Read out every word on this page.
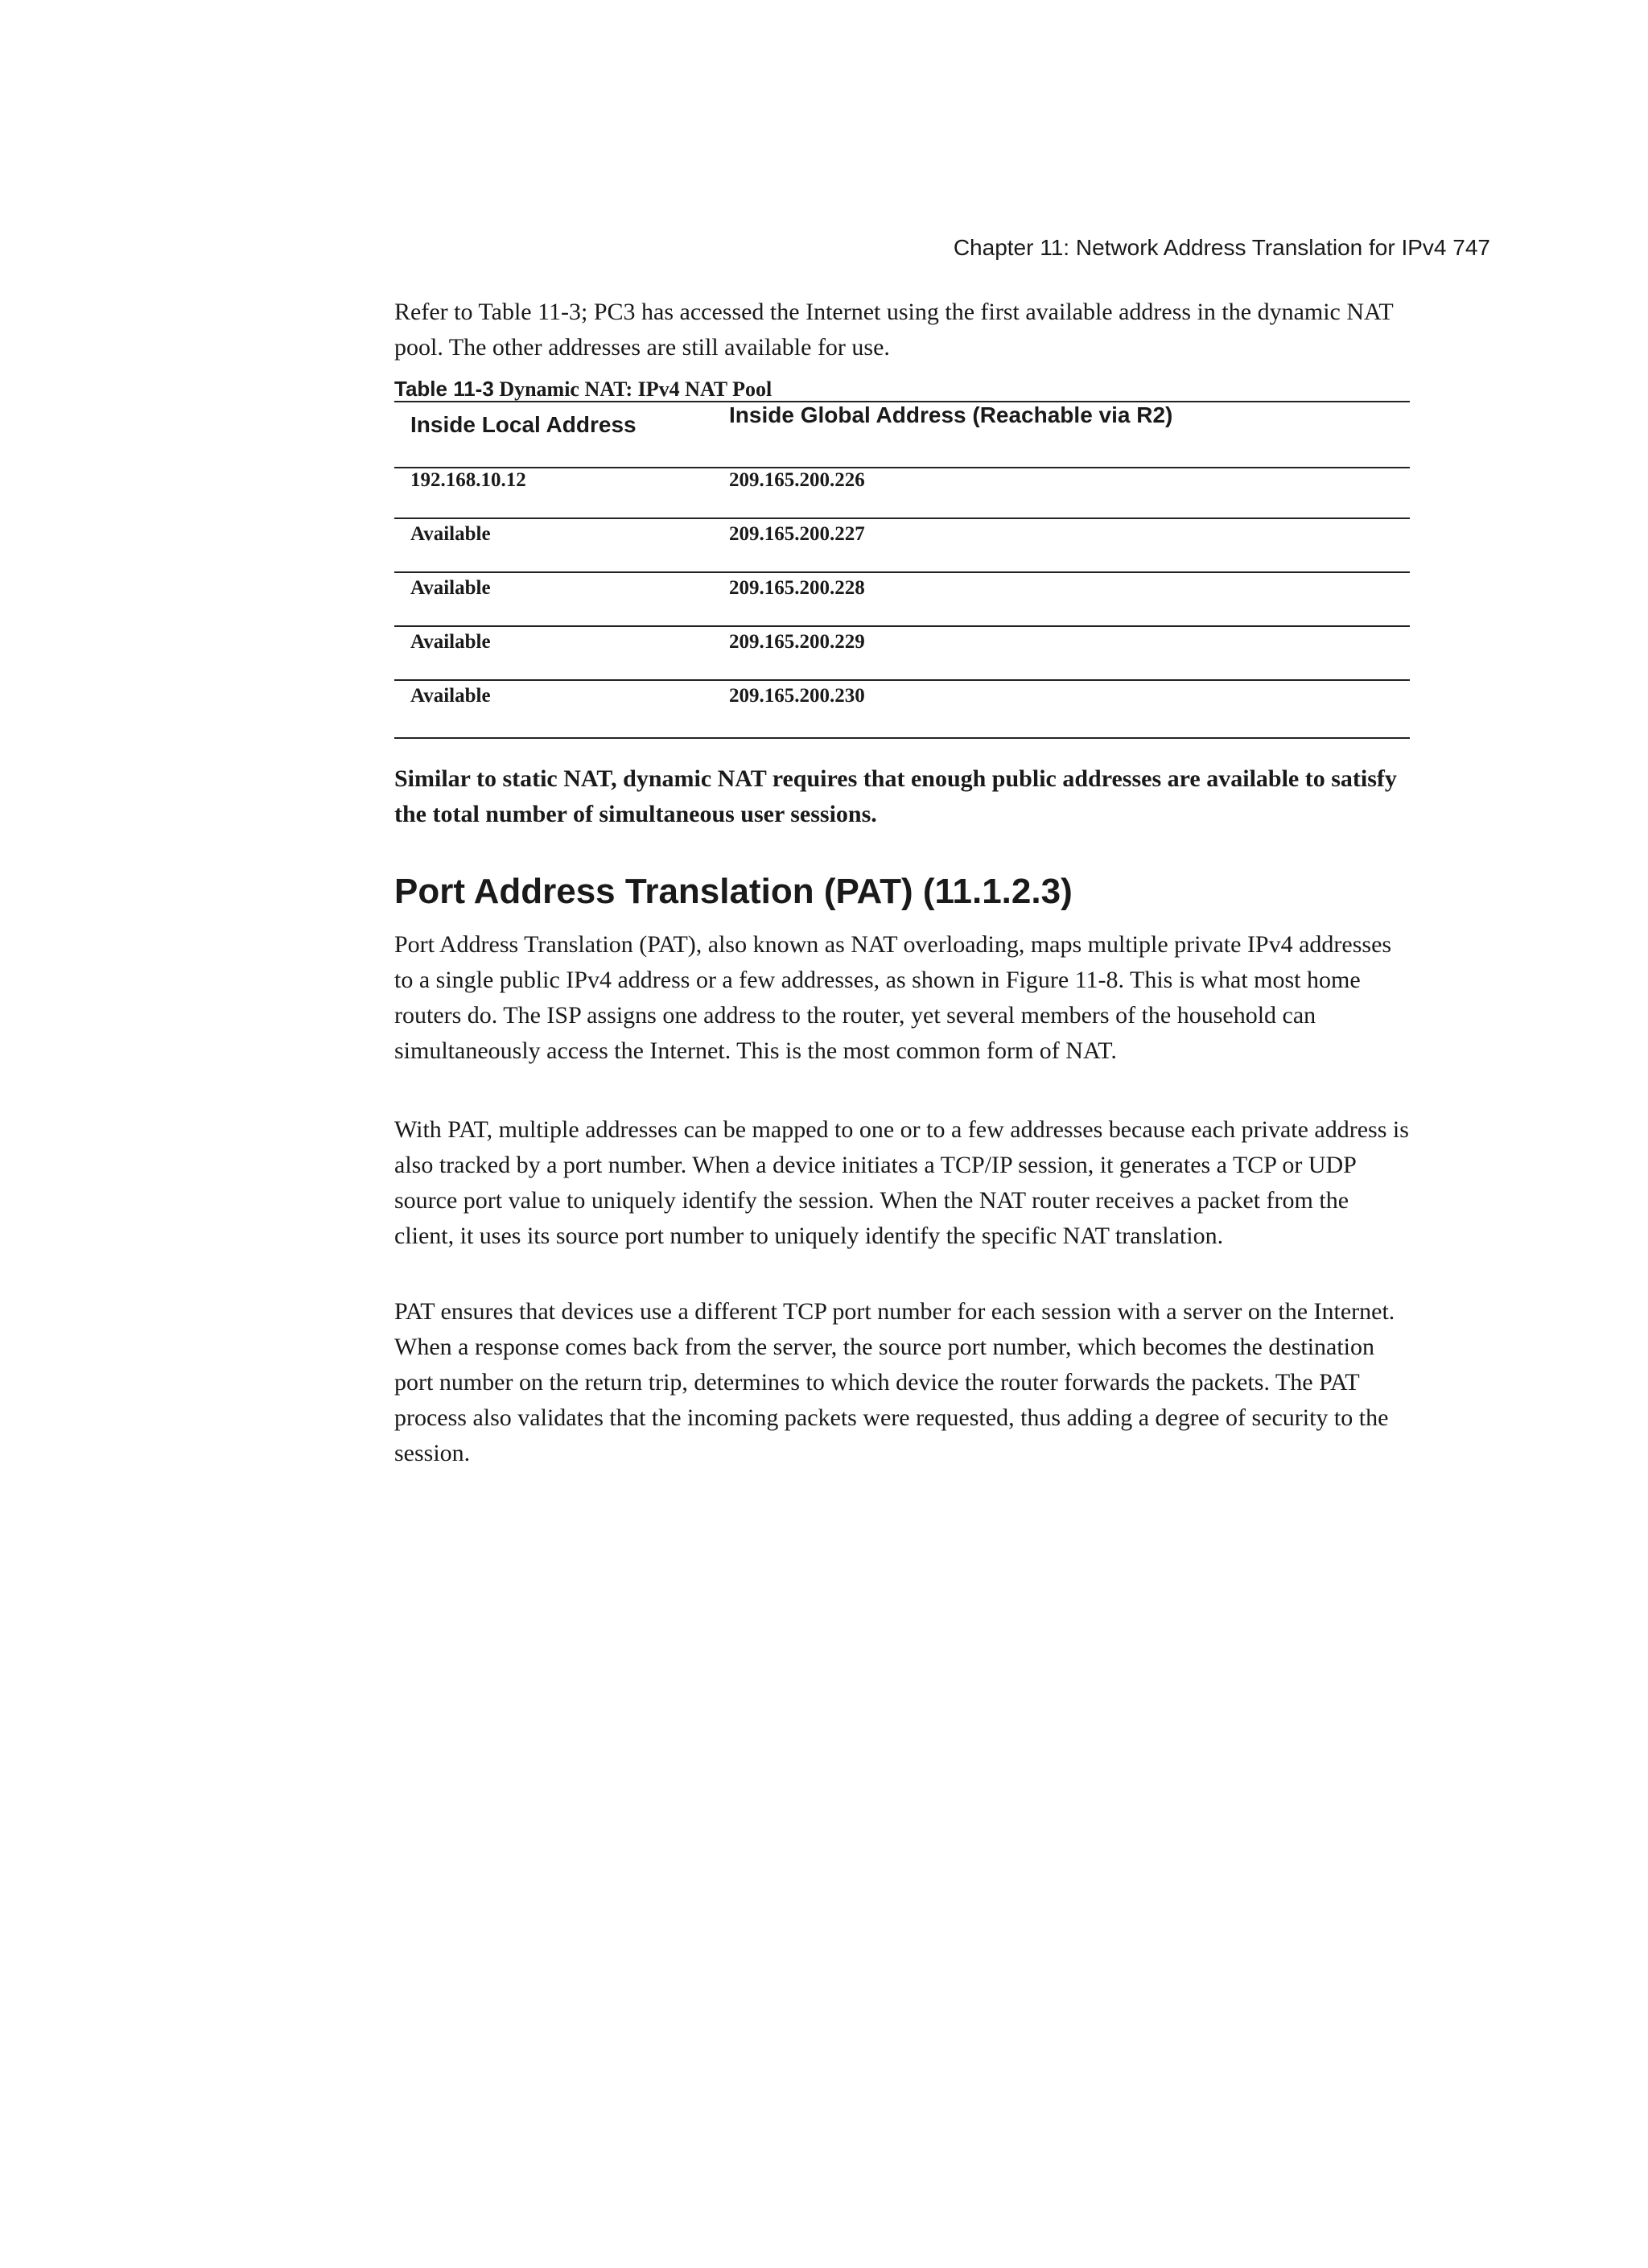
Chapter 11: Network Address Translation for IPv4 747

Refer to Table 11-3; PC3 has accessed the Internet using the first available address in the dynamic NAT pool. The other addresses are still available for use.

Table 11-3 Dynamic NAT: IPv4 NAT Pool
Inside Local Address	Inside Global Address (Reachable via R2)
192.168.10.12	209.165.200.226
Available	209.165.200.227
Available	209.165.200.228
Available	209.165.200.229
Available	209.165.200.230

Similar to static NAT, dynamic NAT requires that enough public addresses are available to satisfy the total number of simultaneous user sessions.

Port Address Translation (PAT) (11.1.2.3)

Port Address Translation (PAT), also known as NAT overloading, maps multiple private IPv4 addresses to a single public IPv4 address or a few addresses, as shown in Figure 11-8. This is what most home routers do. The ISP assigns one address to the router, yet several members of the household can simultaneously access the Internet. This is the most common form of NAT.

With PAT, multiple addresses can be mapped to one or to a few addresses because each private address is also tracked by a port number. When a device initiates a TCP/IP session, it generates a TCP or UDP source port value to uniquely identify the session. When the NAT router receives a packet from the client, it uses its source port number to uniquely identify the specific NAT translation.

PAT ensures that devices use a different TCP port number for each session with a server on the Internet. When a response comes back from the server, the source port number, which becomes the destination port number on the return trip, determines to which device the router forwards the packets. The PAT process also validates that the incoming packets were requested, thus adding a degree of security to the session.
